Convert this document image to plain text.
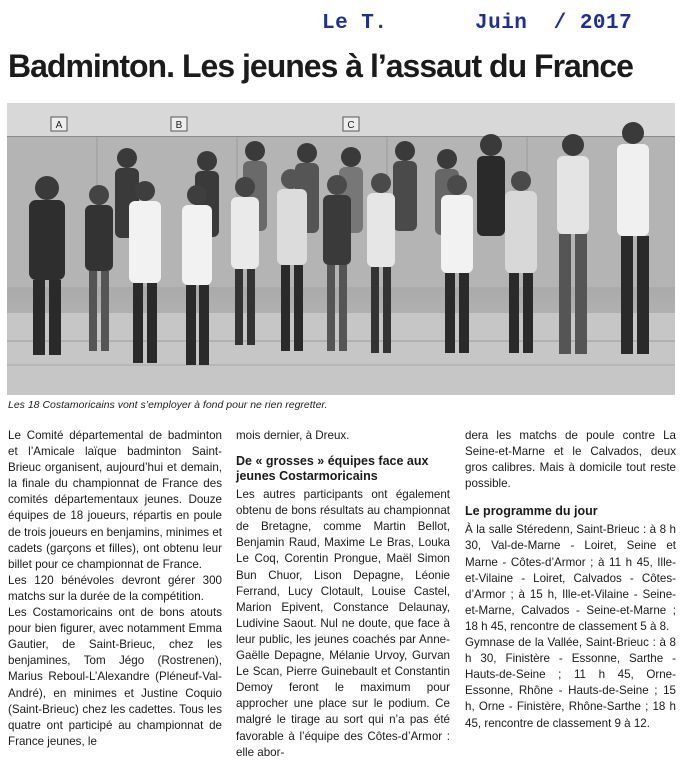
Le T.	Juin  / 2017
Badminton. Les jeunes à l’assaut du France
A	B	C

Les 18 Costamoricains vont s’employer à fond pour ne rien regretter.

Le Comité départemental de badminton et l’Amicale laïque badminton Saint-Brieuc organisent, aujourd’hui et demain, la finale du championnat de France des comités départementaux jeunes. Douze équipes de 18 joueurs, répartis en poule de trois joueurs en benjamins, minimes et cadets (garçons et filles), ont obtenu leur billet pour ce championnat de France.

Les 120 bénévoles devront gérer 300 matchs sur la durée de la compétition.

Les Costamoricains ont de bons atouts pour bien figurer, avec notamment Emma Gautier, de Saint-Brieuc, chez les benjamines, Tom Jégo (Rostrenen), Marius Reboul-L’Alexandre (Pléneuf-Val-André), en minimes et Justine Coquio (Saint-Brieuc) chez les cadettes. Tous les quatre ont participé au championnat de France jeunes, le

mois dernier, à Dreux.

De « grosses » équipes face aux jeunes Costarmoricains

Les autres participants ont également obtenu de bons résultats au championnat de Bretagne, comme Martin Bellot, Benjamin Raud, Maxime Le Bras, Louka Le Coq, Corentin Prongue, Maël Simon Bun Chuor, Lison Depagne, Léonie Ferrand, Lucy Clotault, Louise Castel, Marion Epivent, Constance Delaunay, Ludivine Saout. Nul ne doute, que face à leur public, les jeunes coachés par Anne-Gaëlle Depagne, Mélanie Urvoy, Gurvan Le Scan, Pierre Guinebault et Constantin Demoy feront le maximum pour approcher une place sur le podium. Ce malgré le tirage au sort qui n’a pas été favorable à l’équipe des Côtes-d’Armor : elle abor-

dera les matchs de poule contre La Seine-et-Marne et le Calvados, deux gros calibres. Mais à domicile tout reste possible.

Le programme du jour

À la salle Stéredenn, Saint-Brieuc : à 8 h 30, Val-de-Marne - Loiret, Seine et Marne - Côtes-d’Armor ; à 11 h 45, Ille-et-Vilaine - Loiret, Calvados - Côtes-d’Armor ; à 15 h, Ille-et-Vilaine - Seine-et-Marne, Calvados - Seine-et-Marne ; 18 h 45, rencontre de classement 5 à 8.

Gymnase de la Vallée, Saint-Brieuc : à 8 h 30, Finistère - Essonne, Sarthe - Hauts-de-Seine ; 11 h 45, Orne-Essonne, Rhône - Hauts-de-Seine ; 15 h, Orne - Finistère, Rhône-Sarthe ; 18 h 45, rencontre de classement 9 à 12.
